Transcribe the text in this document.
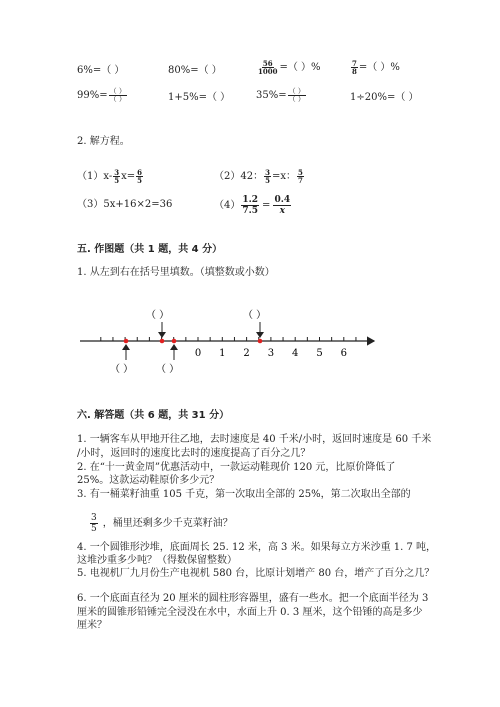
6%=（ ）	80%=（ ）	$\frac{56}{1000}$ =（ ）%	$\frac{7}{8}$ =（ ）%
$99\%= \frac{( )}{( )}$	1+5%=（ ）	$35\%= \frac{( )}{( )}$	1÷20%=（ ）
2. 解方程。
$(1)x- \frac{3}{5} x= \frac{6}{5}$	（2）42： $\frac{3}{5} =x$： $\frac{5}{7}$
（3）5x+16×2=36	$(4) \frac{1.2}{7.5} = \frac{0.4}{x}$
五. 作图题（共 1 题，共 4 分）
1. 从左到右在括号里填数。（填整数或小数）
（ ）	（ ）
0 1 2 3 4 5 6
（ ） （ ）
六. 解答题（共 6 题，共 31 分）
1. 一辆客车从甲地开往乙地，去时速度是 40 千米/小时，返回时速度是 60 千米
/小时，返回时的速度比去时的速度提高了百分之几？
2. 在“十一黄金周”优惠活动中，一款运动鞋现价 120 元，比原价降低了
25%。这款运动鞋原价多少元？
3. 有一桶菜籽油重 105 千克，第一次取出全部的 25%，第二次取出全部的
$\frac{3}{5}$ ，桶里还剩多少千克菜籽油？
4. 一个圆锥形沙堆，底面周长 25. 12 米，高 3 米。如果每立方米沙重 1. 7 吨，
这堆沙重多少吨？（得数保留整数）
5. 电视机厂九月份生产电视机 580 台，比原计划增产 80 台，增产了百分之几？
6. 一个底面直径为 20 厘米的圆柱形容器里，盛有一些水。把一个底面半径为 3
厘米的圆锥形铅锤完全浸没在水中，水面上升 0. 3 厘米，这个铅锤的高是多少
厘米？
